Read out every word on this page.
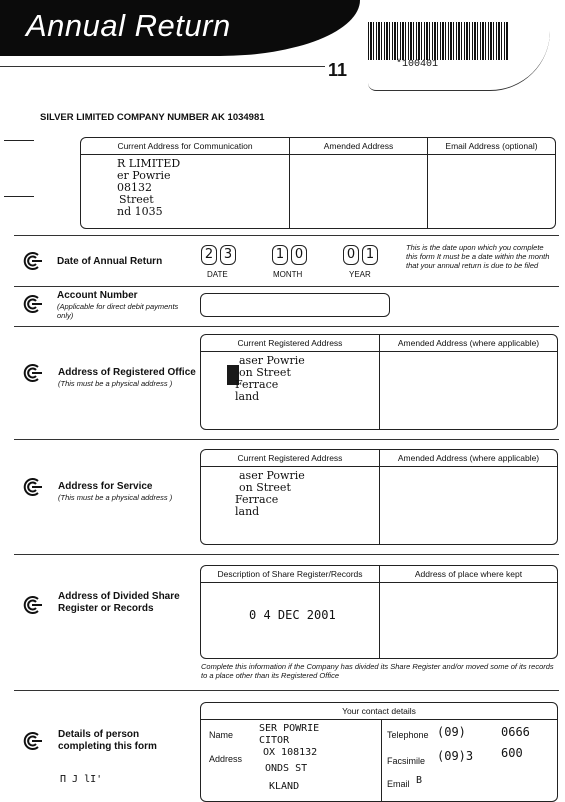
Annual Return
*100401
11
SILVER LIMITED COMPANY NUMBER AK 1034981
Current Address for Communication	Amended Address	Email Address (optional)
R LIMITED
er Powrie
08132
Street
nd 1035
Date of Annual Return	2 3	1 0	0 1
DATE	MONTH	YEAR
This is the date upon which you complete this form It must be a date within the month that your annual return is due to be filed
Account Number
(Applicable for direct debit payments only)
Address of Registered Office
(This must be a physical address )
Current Registered Address	Amended Address (where applicable)
aser Powrie
on Street
Ferrace
land
Address for Service
(This must be a physical address )
Current Registered Address	Amended Address (where applicable)
aser Powrie
on Street
Ferrace
land
Address of Divided Share
Register or Records
Description of Share Register/Records	Address of place where kept
0 4 DEC 2001
Complete this information if the Company has divided its Share Register and/or moved some of its records to a place other than its Registered Office
Details of person
completing this form
П J lI'
Your contact details
Name
SER POWRIE
CITOR
Address
OX 108132
ONDS ST
KLAND
Telephone (09)	0666
Facsimile (09)3 600
Email B
